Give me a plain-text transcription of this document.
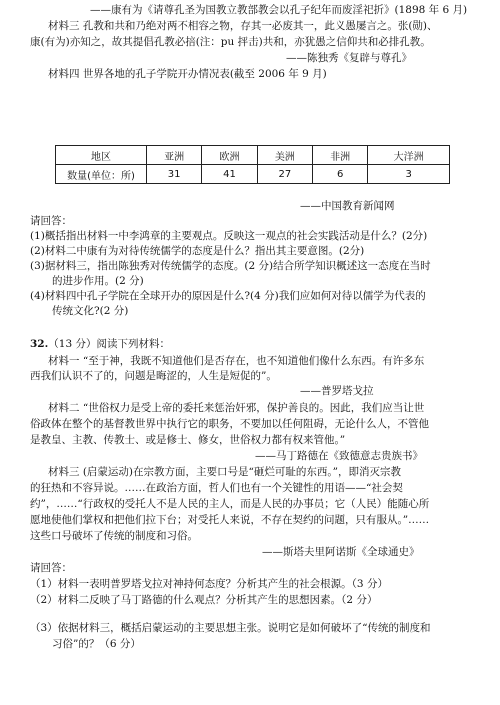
——康有为《请尊孔圣为国教立教部教会以孔子纪年而废淫祀折》(1898 年 6 月)
材料三 孔教和共和乃绝对两不相容之物，存其一必废其一，此义愚屡言之。张(勋)、
康(有为)亦知之，故其提倡孔教必掊(注：pu 抨击)共和，亦犹愚之信仰共和必排孔教。
——陈独秀《复辟与尊孔》
材料四 世界各地的孔子学院开办情况表(截至 2006 年 9 月)
地区	亚洲	欧洲	美洲	非洲	大洋洲
数量(单位：所)	31	41	27	6	3
——中国教育新闻网
请回答：
(1)概括指出材料一中李鸿章的主要观点。反映这一观点的社会实践活动是什么？(2分)
(2)材料二中康有为对待传统儒学的态度是什么？指出其主要意图。(2分)
(3)据材料三，指出陈独秀对传统儒学的态度。(2 分)结合所学知识概述这一态度在当时
的进步作用。(2 分)
(4)材料四中孔子学院在全球开办的原因是什么?(4 分)我们应如何对待以儒学为代表的
传统文化?(2 分)
32.（13 分）阅读下列材料：
材料一 “至于神，我既不知道他们是否存在，也不知道他们像什么东西。有许多东
西我们认识不了的，问题是晦涩的，人生是短促的”。
——普罗塔戈拉
材料二 “世俗权力是受上帝的委托来惩治奸邪，保护善良的。因此，我们应当让世
俗政体在整个的基督教世界中执行它的职务，不要加以任何阻碍，无论什么人，不管他
是教皇、主教、传教士、或是修士、修女，世俗权力都有权来管他。”
——马丁路德在《致德意志贵族书》
材料三 (启蒙运动)在宗教方面，主要口号是“砸烂可耻的东西。”，即消灭宗教
的狂热和不容异说。……在政治方面，哲人们也有一个关键性的用语——“社会契
约”，……“行政权的受托人不是人民的主人，而是人民的办事员；它（人民）能随心所
愿地使他们掌权和把他们拉下台；对受托人来说，不存在契约的问题，只有服从。”……
这些口号破坏了传统的制度和习俗。
——斯塔夫里阿诺斯《全球通史》
请回答：
（1）材料一表明普罗塔戈拉对神持何态度？分析其产生的社会根源。（3 分）
（2）材料二反映了马丁路德的什么观点？分析其产生的思想因素。（2 分）
（3）依据材料三，概括启蒙运动的主要思想主张。说明它是如何破坏了“传统的制度和
习俗”的？（6 分）
